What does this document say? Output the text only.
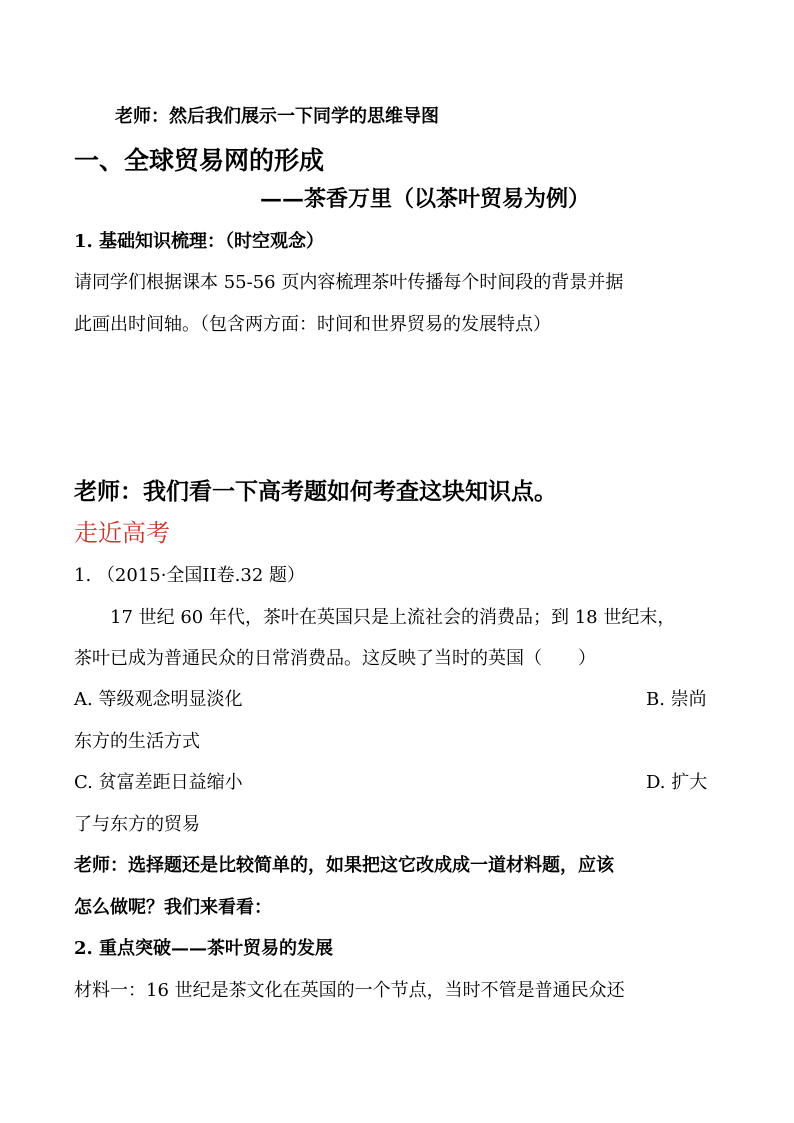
老师：然后我们展示一下同学的思维导图
一、全球贸易网的形成
——茶香万里（以茶叶贸易为例）
1. 基础知识梳理：（时空观念）
请同学们根据课本 55-56 页内容梳理茶叶传播每个时间段的背景并据
此画出时间轴。（包含两方面：时间和世界贸易的发展特点）
老师：我们看一下高考题如何考查这块知识点。
走近高考
1. （2015·全国II卷.32 题）
17 世纪 60 年代，茶叶在英国只是上流社会的消费品；到 18 世纪末，
茶叶已成为普通民众的日常消费品。这反映了当时的英国（　　）
A. 等级观念明显淡化	B. 崇尚
东方的生活方式
C. 贫富差距日益缩小	D. 扩大
了与东方的贸易
老师：选择题还是比较简单的，如果把这它改成成一道材料题，应该
怎么做呢？我们来看看：
2. 重点突破——茶叶贸易的发展
材料一：16 世纪是茶文化在英国的一个节点，当时不管是普通民众还
